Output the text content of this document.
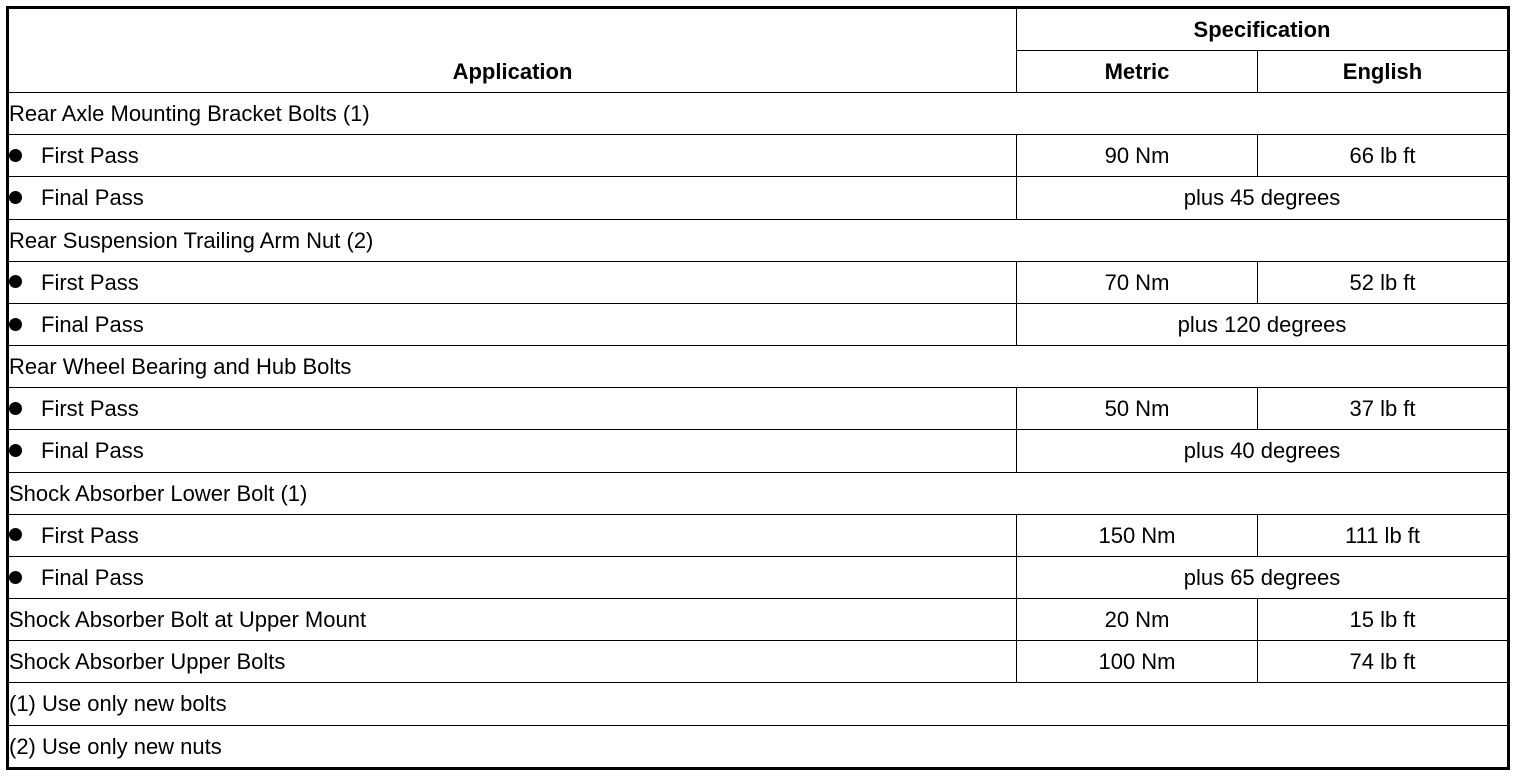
Application	Specification	
	Metric	English
Rear Axle Mounting Bracket Bolts (1)		
First Pass	90 Nm	66 lb ft
Final Pass	plus 45 degrees	
Rear Suspension Trailing Arm Nut (2)		
First Pass	70 Nm	52 lb ft
Final Pass	plus 120 degrees	
Rear Wheel Bearing and Hub Bolts		
First Pass	50 Nm	37 lb ft
Final Pass	plus 40 degrees	
Shock Absorber Lower Bolt (1)		
First Pass	150 Nm	111 lb ft
Final Pass	plus 65 degrees	
Shock Absorber Bolt at Upper Mount	20 Nm	15 lb ft
Shock Absorber Upper Bolts	100 Nm	74 lb ft
(1) Use only new bolts		
(2) Use only new nuts		
